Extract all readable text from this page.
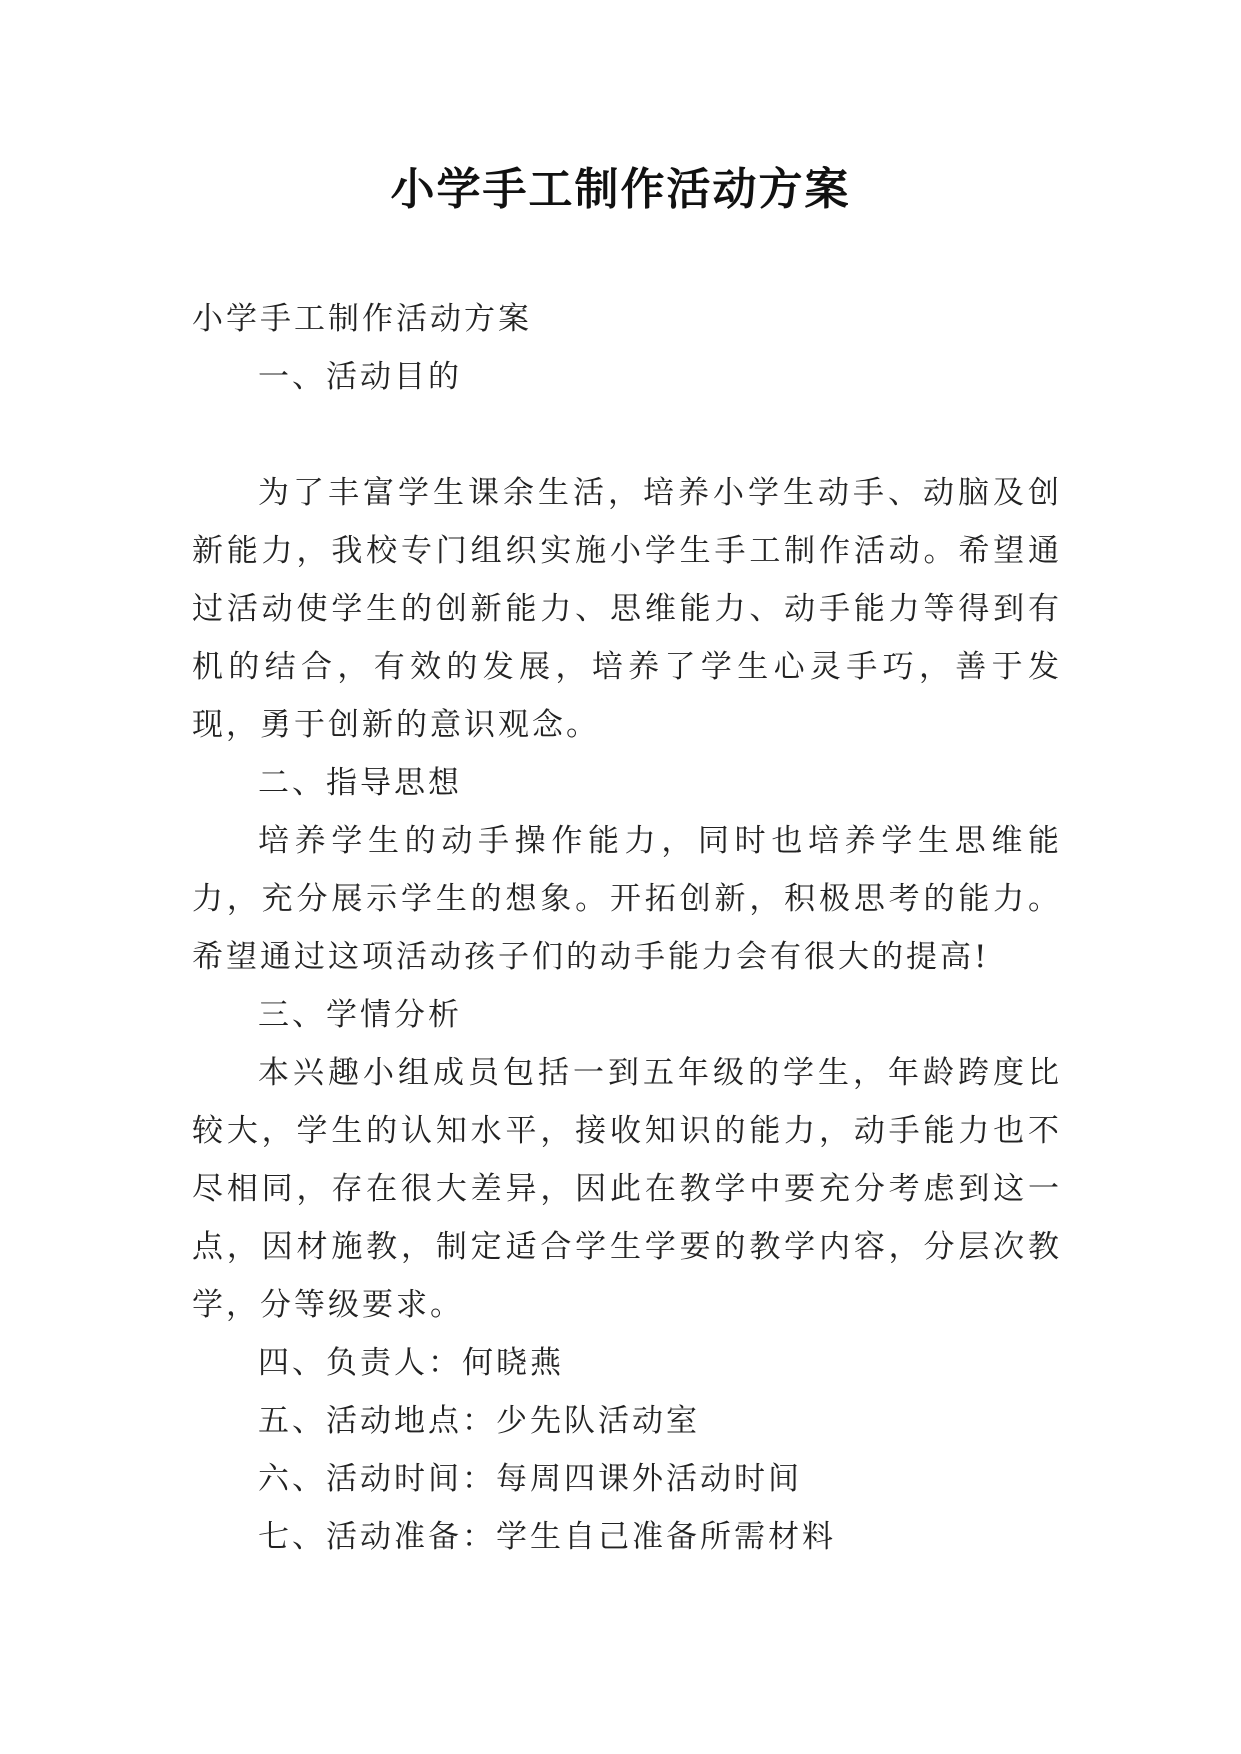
小学手工制作活动方案

小学手工制作活动方案

一、活动目的

为了丰富学生课余生活，培养小学生动手、动脑及创新能力，我校专门组织实施小学生手工制作活动。希望通过活动使学生的创新能力、思维能力、动手能力等得到有机的结合，有效的发展，培养了学生心灵手巧，善于发现，勇于创新的意识观念。

二、指导思想

培养学生的动手操作能力，同时也培养学生思维能力，充分展示学生的想象。开拓创新，积极思考的能力。希望通过这项活动孩子们的动手能力会有很大的提高!

三、学情分析

本兴趣小组成员包括一到五年级的学生，年龄跨度比较大，学生的认知水平，接收知识的能力，动手能力也不尽相同，存在很大差异，因此在教学中要充分考虑到这一点，因材施教，制定适合学生学要的教学内容，分层次教学，分等级要求。

四、负责人：何晓燕

五、活动地点：少先队活动室

六、活动时间：每周四课外活动时间

七、活动准备：学生自己准备所需材料
